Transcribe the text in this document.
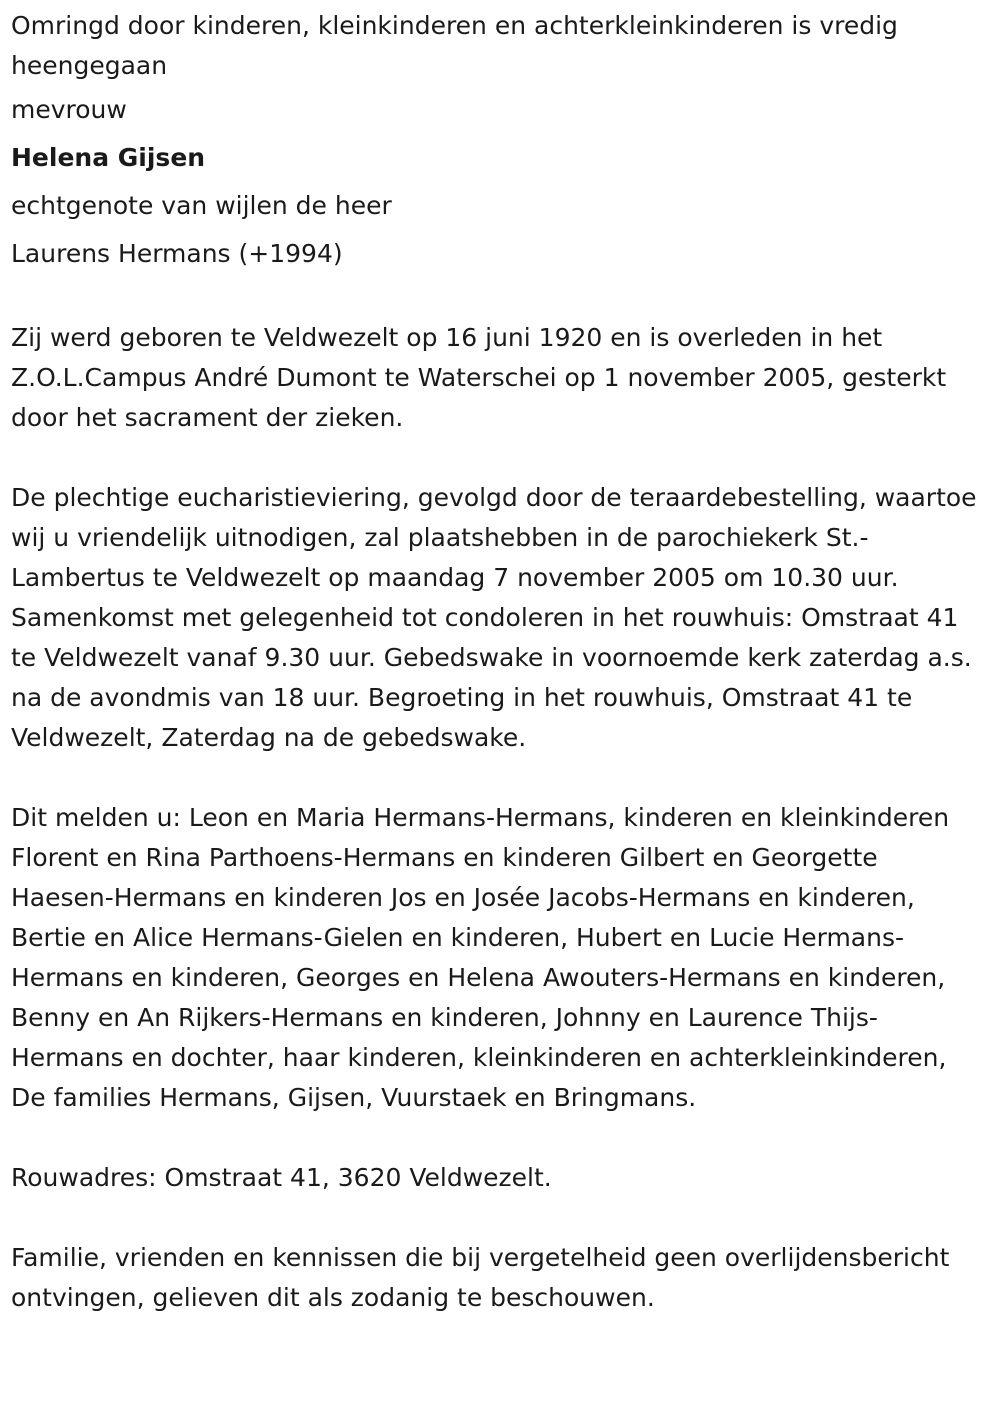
Omringd door kinderen, kleinkinderen en achterkleinkinderen is vredig heengegaan

mevrouw

Helena Gijsen

echtgenote van wijlen de heer

Laurens Hermans (+1994)

Zij werd geboren te Veldwezelt op 16 juni 1920 en is overleden in het Z.O.L.Campus André Dumont te Waterschei op 1 november 2005, gesterkt door het sacrament der zieken.

De plechtige eucharistieviering, gevolgd door de teraardebestelling, waartoe wij u vriendelijk uitnodigen, zal plaatshebben in de parochiekerk St.-Lambertus te Veldwezelt op maandag 7 november 2005 om 10.30 uur. Samenkomst met gelegenheid tot condoleren in het rouwhuis: Omstraat 41 te Veldwezelt vanaf 9.30 uur. Gebedswake in voornoemde kerk zaterdag a.s. na de avondmis van 18 uur. Begroeting in het rouwhuis, Omstraat 41 te Veldwezelt, Zaterdag na de gebedswake.

Dit melden u: Leon en Maria Hermans-Hermans, kinderen en kleinkinderen Florent en Rina Parthoens-Hermans en kinderen Gilbert en Georgette Haesen-Hermans en kinderen Jos en Josée Jacobs-Hermans en kinderen, Bertie en Alice Hermans-Gielen en kinderen, Hubert en Lucie Hermans-Hermans en kinderen, Georges en Helena Awouters-Hermans en kinderen, Benny en An Rijkers-Hermans en kinderen, Johnny en Laurence Thijs-Hermans en dochter, haar kinderen, kleinkinderen en achterkleinkinderen, De families Hermans, Gijsen, Vuurstaek en Bringmans.

Rouwadres: Omstraat 41, 3620 Veldwezelt.

Familie, vrienden en kennissen die bij vergetelheid geen overlijdensbericht ontvingen, gelieven dit als zodanig te beschouwen.
